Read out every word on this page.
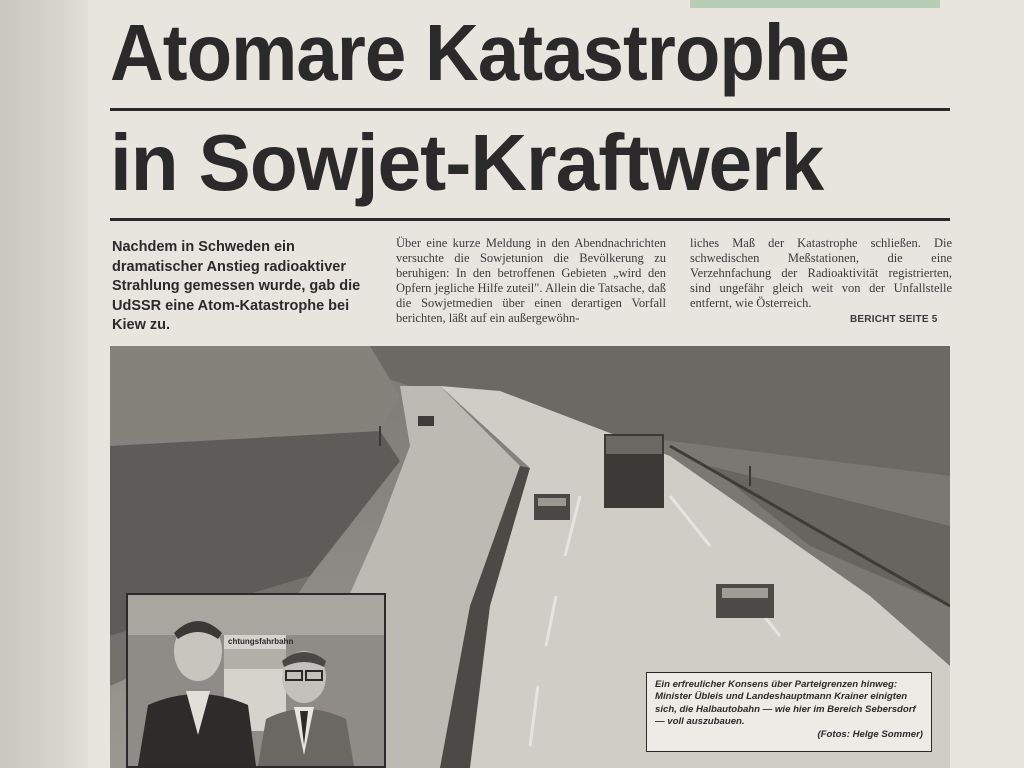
Atomare Katastrophe
in Sowjet-Kraftwerk

Nachdem in Schweden ein dramatischer Anstieg radioaktiver Strahlung gemessen wurde, gab die UdSSR eine Atom-Katastrophe bei Kiew zu.

Über eine kurze Meldung in den Abendnachrichten versuchte die Sowjetunion die Bevölkerung zu beruhigen: In den betroffenen Gebieten „wird den Opfern jegliche Hilfe zuteil". Allein die Tatsache, daß die Sowjetmedien über einen derartigen Vorfall berichten, läßt auf ein außergewöhn-

liches Maß der Katastrophe schließen. Die schwedischen Meßstationen, die eine Verzehnfachung der Radioaktivität registrierten, sind ungefähr gleich weit von der Unfallstelle entfernt, wie Österreich.

BERICHT SEITE 5
chtungsfahrbahn
Ein erfreulicher Konsens über Parteigrenzen hinweg: Minister Übleis und Landeshauptmann Krainer einigten sich, die Halbautobahn — wie hier im Bereich Sebersdorf — voll auszubauen.
(Fotos: Helge Sommer)
